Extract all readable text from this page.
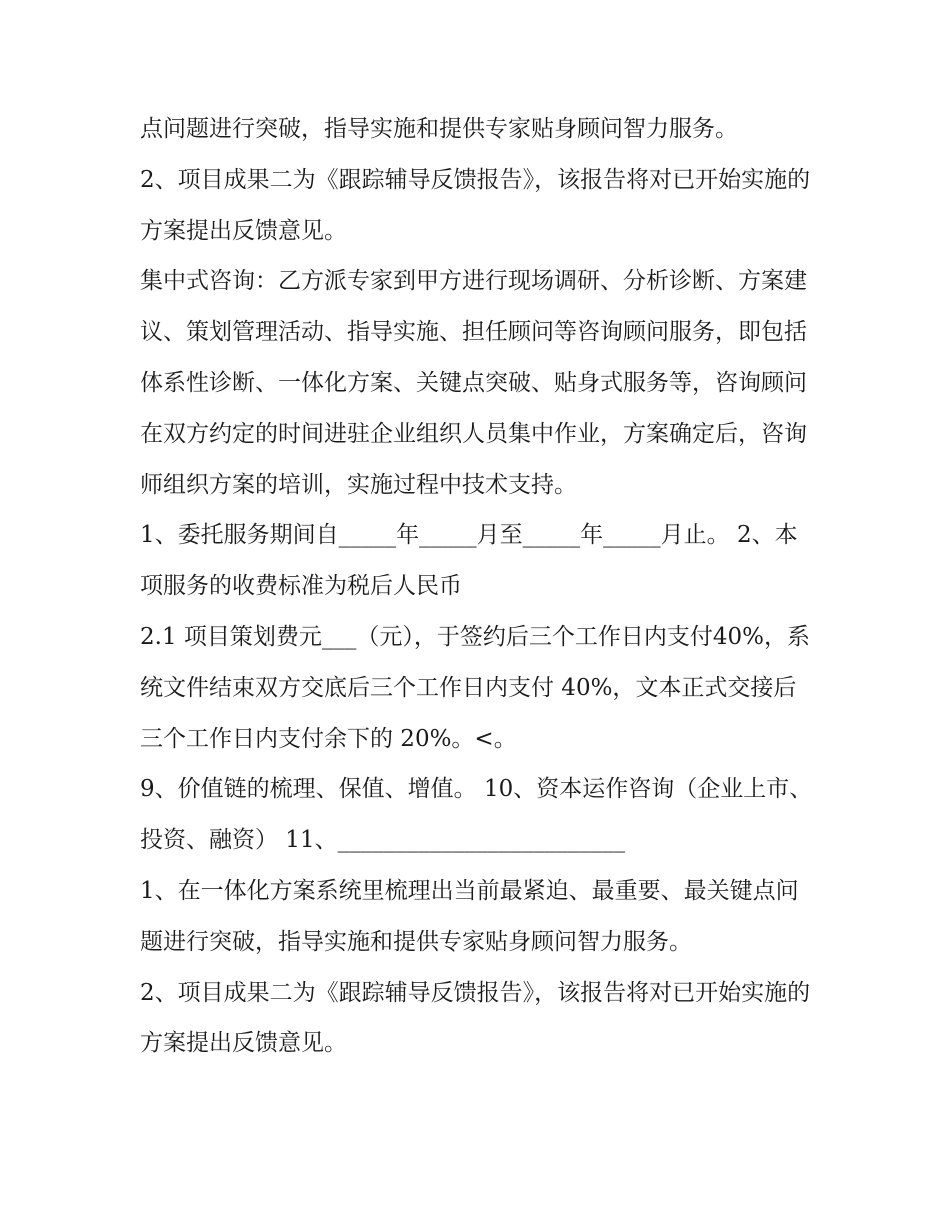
点问题进行突破，指导实施和提供专家贴身顾问智力服务。

2、项目成果二为《跟踪辅导反馈报告》，该报告将对已开始实施的方案提出反馈意见。

集中式咨询：乙方派专家到甲方进行现场调研、分析诊断、方案建议、策划管理活动、指导实施、担任顾问等咨询顾问服务，即包括体系性诊断、一体化方案、关键点突破、贴身式服务等，咨询顾问在双方约定的时间进驻企业组织人员集中作业，方案确定后，咨询师组织方案的培训，实施过程中技术支持。

1、委托服务期间自_____年_____月至_____年_____月止。 2、本项服务的收费标准为税后人民币

2.1 项目策划费元___（元），于签约后三个工作日内支付40%，系统文件结束双方交底后三个工作日内支付 40%，文本正式交接后三个工作日内支付余下的 20%。<。

9、价值链的梳理、保值、增值。 10、资本运作咨询（企业上市、投资、融资） 11、_________________________

1、在一体化方案系统里梳理出当前最紧迫、最重要、最关键点问题进行突破，指导实施和提供专家贴身顾问智力服务。

2、项目成果二为《跟踪辅导反馈报告》，该报告将对已开始实施的方案提出反馈意见。
